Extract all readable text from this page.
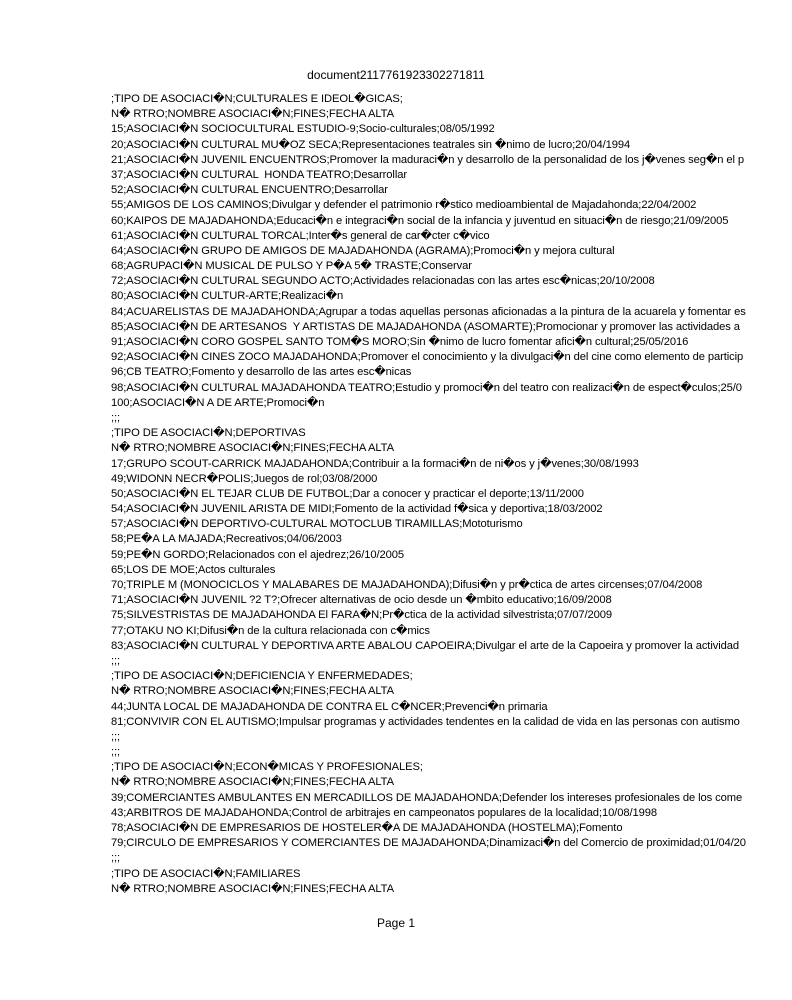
document2117761923302271811
;TIPO DE ASOCIACI�N;CULTURALES E IDEOL�GICAS;
N� RTRO;NOMBRE ASOCIACI�N;FINES;FECHA ALTA
15;ASOCIACI�N SOCIOCULTURAL ESTUDIO-9;Socio-culturales;08/05/1992
20;ASOCIACI�N CULTURAL MU�OZ SECA;Representaciones teatrales sin �nimo de lucro;20/04/1994
21;ASOCIACI�N JUVENIL ENCUENTROS;Promover la maduraci�n y desarrollo de la personalidad de los j�venes seg�n el p
37;ASOCIACI�N CULTURAL  HONDA TEATRO;Desarrollar
52;ASOCIACI�N CULTURAL ENCUENTRO;Desarrollar
55;AMIGOS DE LOS CAMINOS;Divulgar y defender el patrimonio r�stico medioambiental de Majadahonda;22/04/2002
60;KAIPOS DE MAJADAHONDA;Educaci�n e integraci�n social de la infancia y juventud en situaci�n de riesgo;21/09/2005
61;ASOCIACI�N CULTURAL TORCAL;Inter�s general de car�cter c�vico
64;ASOCIACI�N GRUPO DE AMIGOS DE MAJADAHONDA (AGRAMA);Promoci�n y mejora cultural
68;AGRUPACI�N MUSICAL DE PULSO Y P�A 5� TRASTE;Conservar
72;ASOCIACI�N CULTURAL SEGUNDO ACTO;Actividades relacionadas con las artes esc�nicas;20/10/2008
80;ASOCIACI�N CULTUR-ARTE;Realizaci�n
84;ACUARELISTAS DE MAJADAHONDA;Agrupar a todas aquellas personas aficionadas a la pintura de la acuarela y fomentar es
85;ASOCIACI�N DE ARTESANOS  Y ARTISTAS DE MAJADAHONDA (ASOMARTE);Promocionar y promover las actividades a
91;ASOCIACI�N CORO GOSPEL SANTO TOM�S MORO;Sin �nimo de lucro fomentar afici�n cultural;25/05/2016
92;ASOCIACI�N CINES ZOCO MAJADAHONDA;Promover el conocimiento y la divulgaci�n del cine como elemento de particip
96;CB TEATRO;Fomento y desarrollo de las artes esc�nicas
98;ASOCIACI�N CULTURAL MAJADAHONDA TEATRO;Estudio y promoci�n del teatro con realizaci�n de espect�culos;25/0
100;ASOCIACI�N A DE ARTE;Promoci�n
;;;
;TIPO DE ASOCIACI�N;DEPORTIVAS
N� RTRO;NOMBRE ASOCIACI�N;FINES;FECHA ALTA
17;GRUPO SCOUT-CARRICK MAJADAHONDA;Contribuir a la formaci�n de ni�os y j�venes;30/08/1993
49;WIDONN NECR�POLIS;Juegos de rol;03/08/2000
50;ASOCIACI�N EL TEJAR CLUB DE FUTBOL;Dar a conocer y practicar el deporte;13/11/2000
54;ASOCIACI�N JUVENIL ARISTA DE MIDI;Fomento de la actividad f�sica y deportiva;18/03/2002
57;ASOCIACI�N DEPORTIVO-CULTURAL MOTOCLUB TIRAMILLAS;Mototurismo
58;PE�A LA MAJADA;Recreativos;04/06/2003
59;PE�N GORDO;Relacionados con el ajedrez;26/10/2005
65;LOS DE MOE;Actos culturales
70;TRIPLE M (MONOCICLOS Y MALABARES DE MAJADAHONDA);Difusi�n y pr�ctica de artes circenses;07/04/2008
71;ASOCIACI�N JUVENIL ?2 T?;Ofrecer alternativas de ocio desde un �mbito educativo;16/09/2008
75;SILVESTRISTAS DE MAJADAHONDA El FARA�N;Pr�ctica de la actividad silvestrista;07/07/2009
77;OTAKU NO KI;Difusi�n de la cultura relacionada con c�mics
83;ASOCIACI�N CULTURAL Y DEPORTIVA ARTE ABALOU CAPOEIRA;Divulgar el arte de la Capoeira y promover la actividad
;;;
;TIPO DE ASOCIACI�N;DEFICIENCIA Y ENFERMEDADES;
N� RTRO;NOMBRE ASOCIACI�N;FINES;FECHA ALTA
44;JUNTA LOCAL DE MAJADAHONDA DE CONTRA EL C�NCER;Prevenci�n primaria
81;CONVIVIR CON EL AUTISMO;Impulsar programas y actividades tendentes en la calidad de vida en las personas con autismo
;;;
;;;
;TIPO DE ASOCIACI�N;ECON�MICAS Y PROFESIONALES;
N� RTRO;NOMBRE ASOCIACI�N;FINES;FECHA ALTA
39;COMERCIANTES AMBULANTES EN MERCADILLOS DE MAJADAHONDA;Defender los intereses profesionales de los come
43;ARBITROS DE MAJADAHONDA;Control de arbitrajes en campeonatos populares de la localidad;10/08/1998
78;ASOCIACI�N DE EMPRESARIOS DE HOSTELER�A DE MAJADAHONDA (HOSTELMA);Fomento
79;CIRCULO DE EMPRESARIOS Y COMERCIANTES DE MAJADAHONDA;Dinamizaci�n del Comercio de proximidad;01/04/20
;;;
;TIPO DE ASOCIACI�N;FAMILIARES
N� RTRO;NOMBRE ASOCIACI�N;FINES;FECHA ALTA
Page 1
